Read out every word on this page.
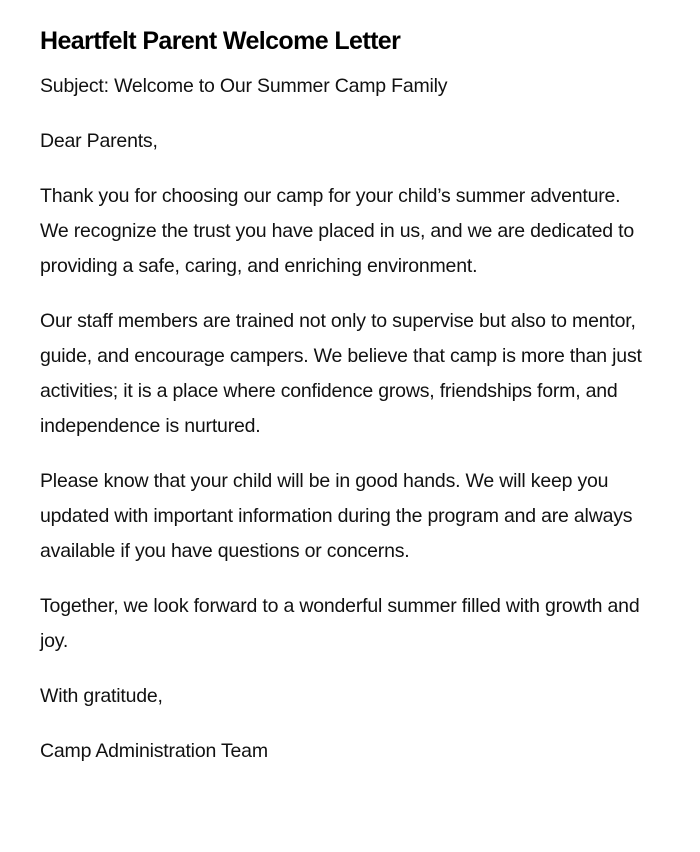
Heartfelt Parent Welcome Letter

Subject: Welcome to Our Summer Camp Family

Dear Parents,

Thank you for choosing our camp for your child’s summer adventure. We recognize the trust you have placed in us, and we are dedicated to providing a safe, caring, and enriching environment.

Our staff members are trained not only to supervise but also to mentor, guide, and encourage campers. We believe that camp is more than just activities; it is a place where confidence grows, friendships form, and independence is nurtured.

Please know that your child will be in good hands. We will keep you updated with important information during the program and are always available if you have questions or concerns.

Together, we look forward to a wonderful summer filled with growth and joy.

With gratitude,

Camp Administration Team
